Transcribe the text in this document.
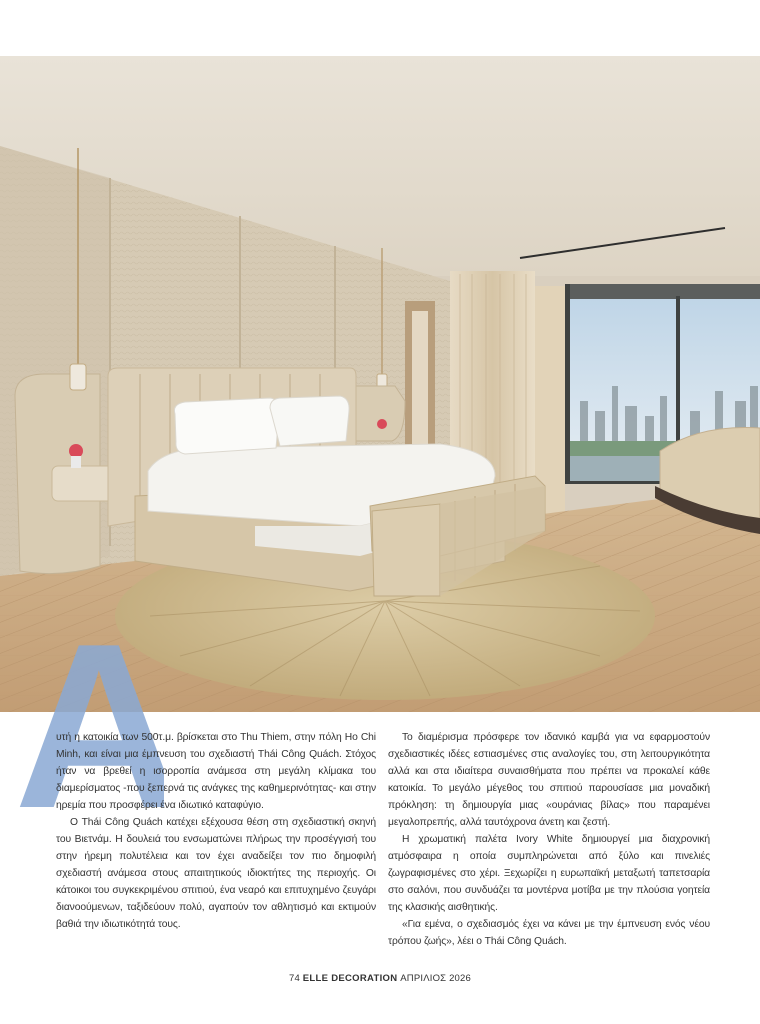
Α

υτή η κατοικία των 500τ.μ. βρίσκεται στο Thu Thiem, στην πόλη Ho Chi Minh, και είναι μια έμπνευση του σχεδιαστή Thái Công Quách. Στόχος ήταν να βρεθεί η ισορροπία ανάμεσα στη μεγάλη κλίμακα του διαμερίσματος -που ξεπερνά τις ανάγκες της καθημερινότητας- και στην ηρεμία που προσφέρει ένα ιδιωτικό καταφύγιο.

Ο Thái Công Quách κατέχει εξέχουσα θέση στη σχεδιαστική σκηνή του Βιετνάμ. Η δουλειά του ενσωματώνει πλήρως την προσέγγισή του στην ήρεμη πολυτέλεια και τον έχει αναδείξει τον πιο δημοφιλή σχεδιαστή ανάμεσα στους απαιτητικούς ιδιοκτήτες της περιοχής. Οι κάτοικοι του συγκεκριμένου σπιτιού, ένα νεαρό και επιτυχημένο ζευγάρι διανοούμενων, ταξιδεύουν πολύ, αγαπούν τον αθλητισμό και εκτιμούν βαθιά την ιδιωτικότητά τους.

Το διαμέρισμα πρόσφερε τον ιδανικό καμβά για να εφαρμοστούν σχεδιαστικές ιδέες εστιασμένες στις αναλογίες του, στη λειτουργικότητα αλλά και στα ιδιαίτερα συναισθήματα που πρέπει να προκαλεί κάθε κατοικία. Το μεγάλο μέγεθος του σπιτιού παρουσίασε μια μοναδική πρόκληση: τη δημιουργία μιας «ουράνιας βίλας» που παραμένει μεγαλοπρεπής, αλλά ταυτόχρονα άνετη και ζεστή.

Η χρωματική παλέτα Ivory White δημιουργεί μια διαχρονική ατμόσφαιρα η οποία συμπληρώνεται από ξύλο και πινελιές ζωγραφισμένες στο χέρι. Ξεχωρίζει η ευρωπαϊκή μεταξωτή ταπετσαρία στο σαλόνι, που συνδυάζει τα μοντέρνα μοτίβα με την πλούσια γοητεία της κλασικής αισθητικής.

«Για εμένα, ο σχεδιασμός έχει να κάνει με την έμπνευση ενός νέου τρόπου ζωής», λέει ο Thái Công Quách.

74 ELLE DECORATION ΑΠΡΙΛΙΟΣ 2026
